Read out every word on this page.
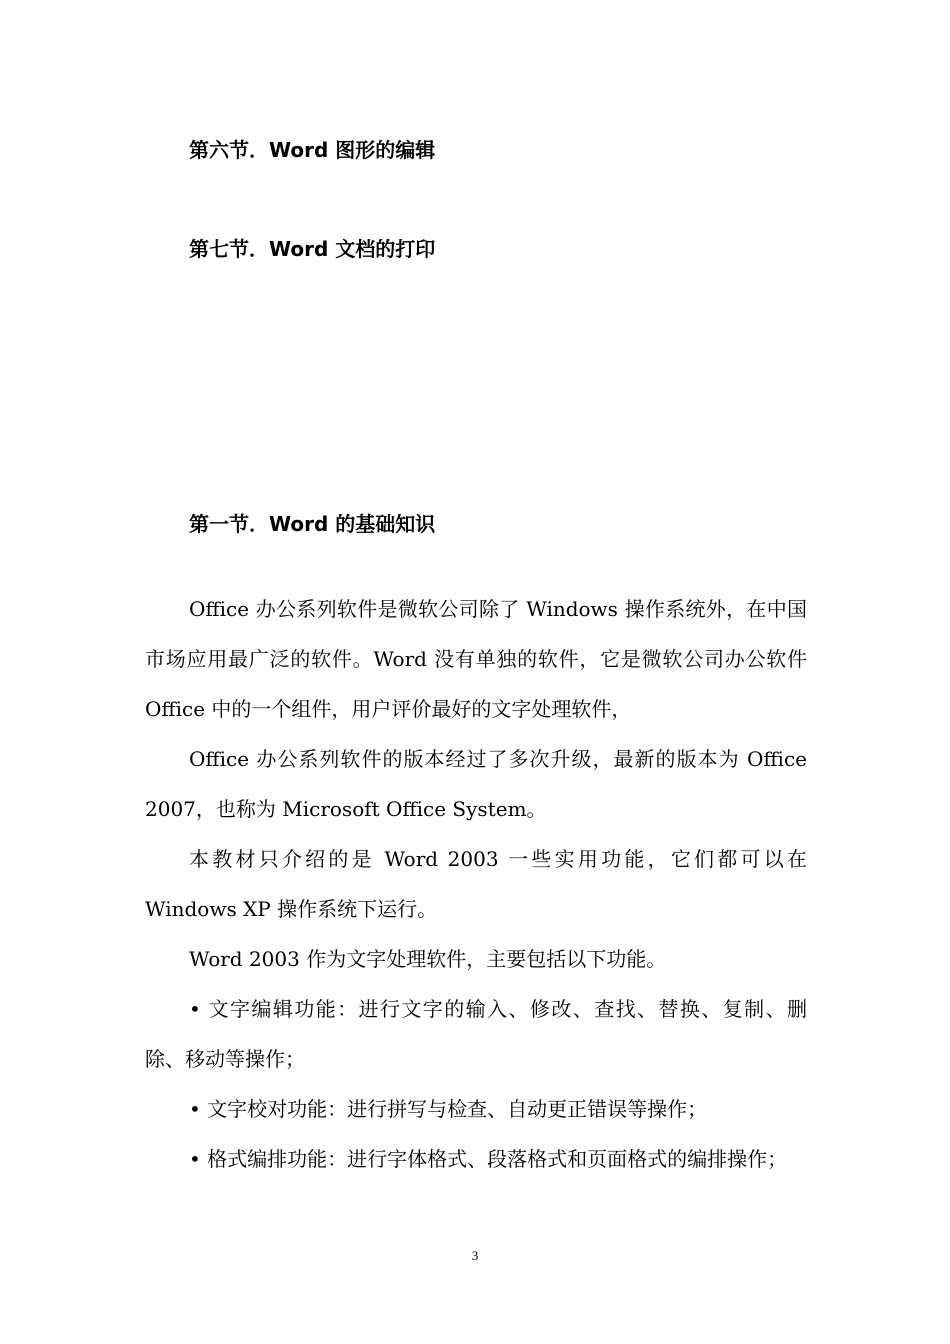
第六节．Word 图形的编辑
第七节．Word 文档的打印
第一节．Word 的基础知识

Office 办公系列软件是微软公司除了 Windows 操作系统外，在中国市场应用最广泛的软件。Word 没有单独的软件，它是微软公司办公软件 Office 中的一个组件，用户评价最好的文字处理软件，

Office 办公系列软件的版本经过了多次升级，最新的版本为 Office 2007，也称为 Microsoft Office System。

本教材只介绍的是 Word 2003 一些实用功能，它们都可以在 Windows XP 操作系统下运行。

Word 2003 作为文字处理软件，主要包括以下功能。

• 文字编辑功能：进行文字的输入、修改、查找、替换、复制、删除、移动等操作；

• 文字校对功能：进行拼写与检查、自动更正错误等操作；

• 格式编排功能：进行字体格式、段落格式和页面格式的编排操作；

3
